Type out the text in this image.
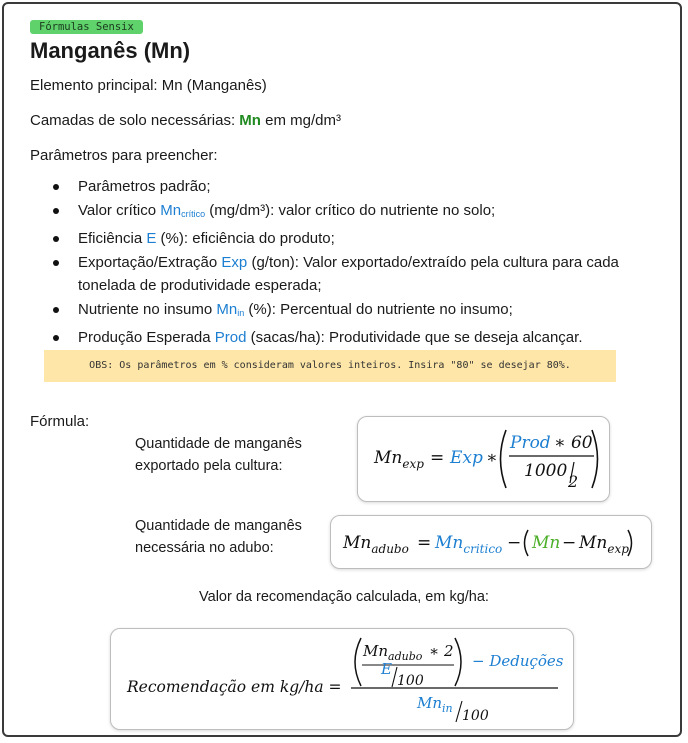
Fórmulas Sensix
Manganês (Mn)
Elemento principal: Mn (Manganês)
Camadas de solo necessárias: Mn em mg/dm³
Parâmetros para preencher:
Parâmetros padrão;
Valor crítico $Mn_{crítico}$ (mg/dm³): valor crítico do nutriente no solo;
Eficiência E (%): eficiência do produto;
Exportação/Extração Exp (g/ton): Valor exportado/extraído pela cultura para cada tonelada de produtividade esperada;
Nutriente no insumo $Mn_{in}$ (%): Percentual do nutriente no insumo;
Produção Esperada Prod (sacas/ha): Produtividade que se deseja alcançar.
OBS: Os parâmetros em % consideram valores inteiros. Insira "80" se desejar 80%.
Fórmula:
Quantidade de manganês
exportado pela cultura:	$Mn_{exp}$ = Exp ∗
Prod ∗ 60
1000
2
Quantidade de manganês
necessária no adubo:	$Mn_{adubo} = Mn_{critico} - Mn - Mn_{exp}$
Valor da recomendação calculada, em kg/ha:
Recomendação em kg/ha =
$Mn_{adubo}$ ∗ 2
E
100
− Deduções
$Mn_{in}$ 100
